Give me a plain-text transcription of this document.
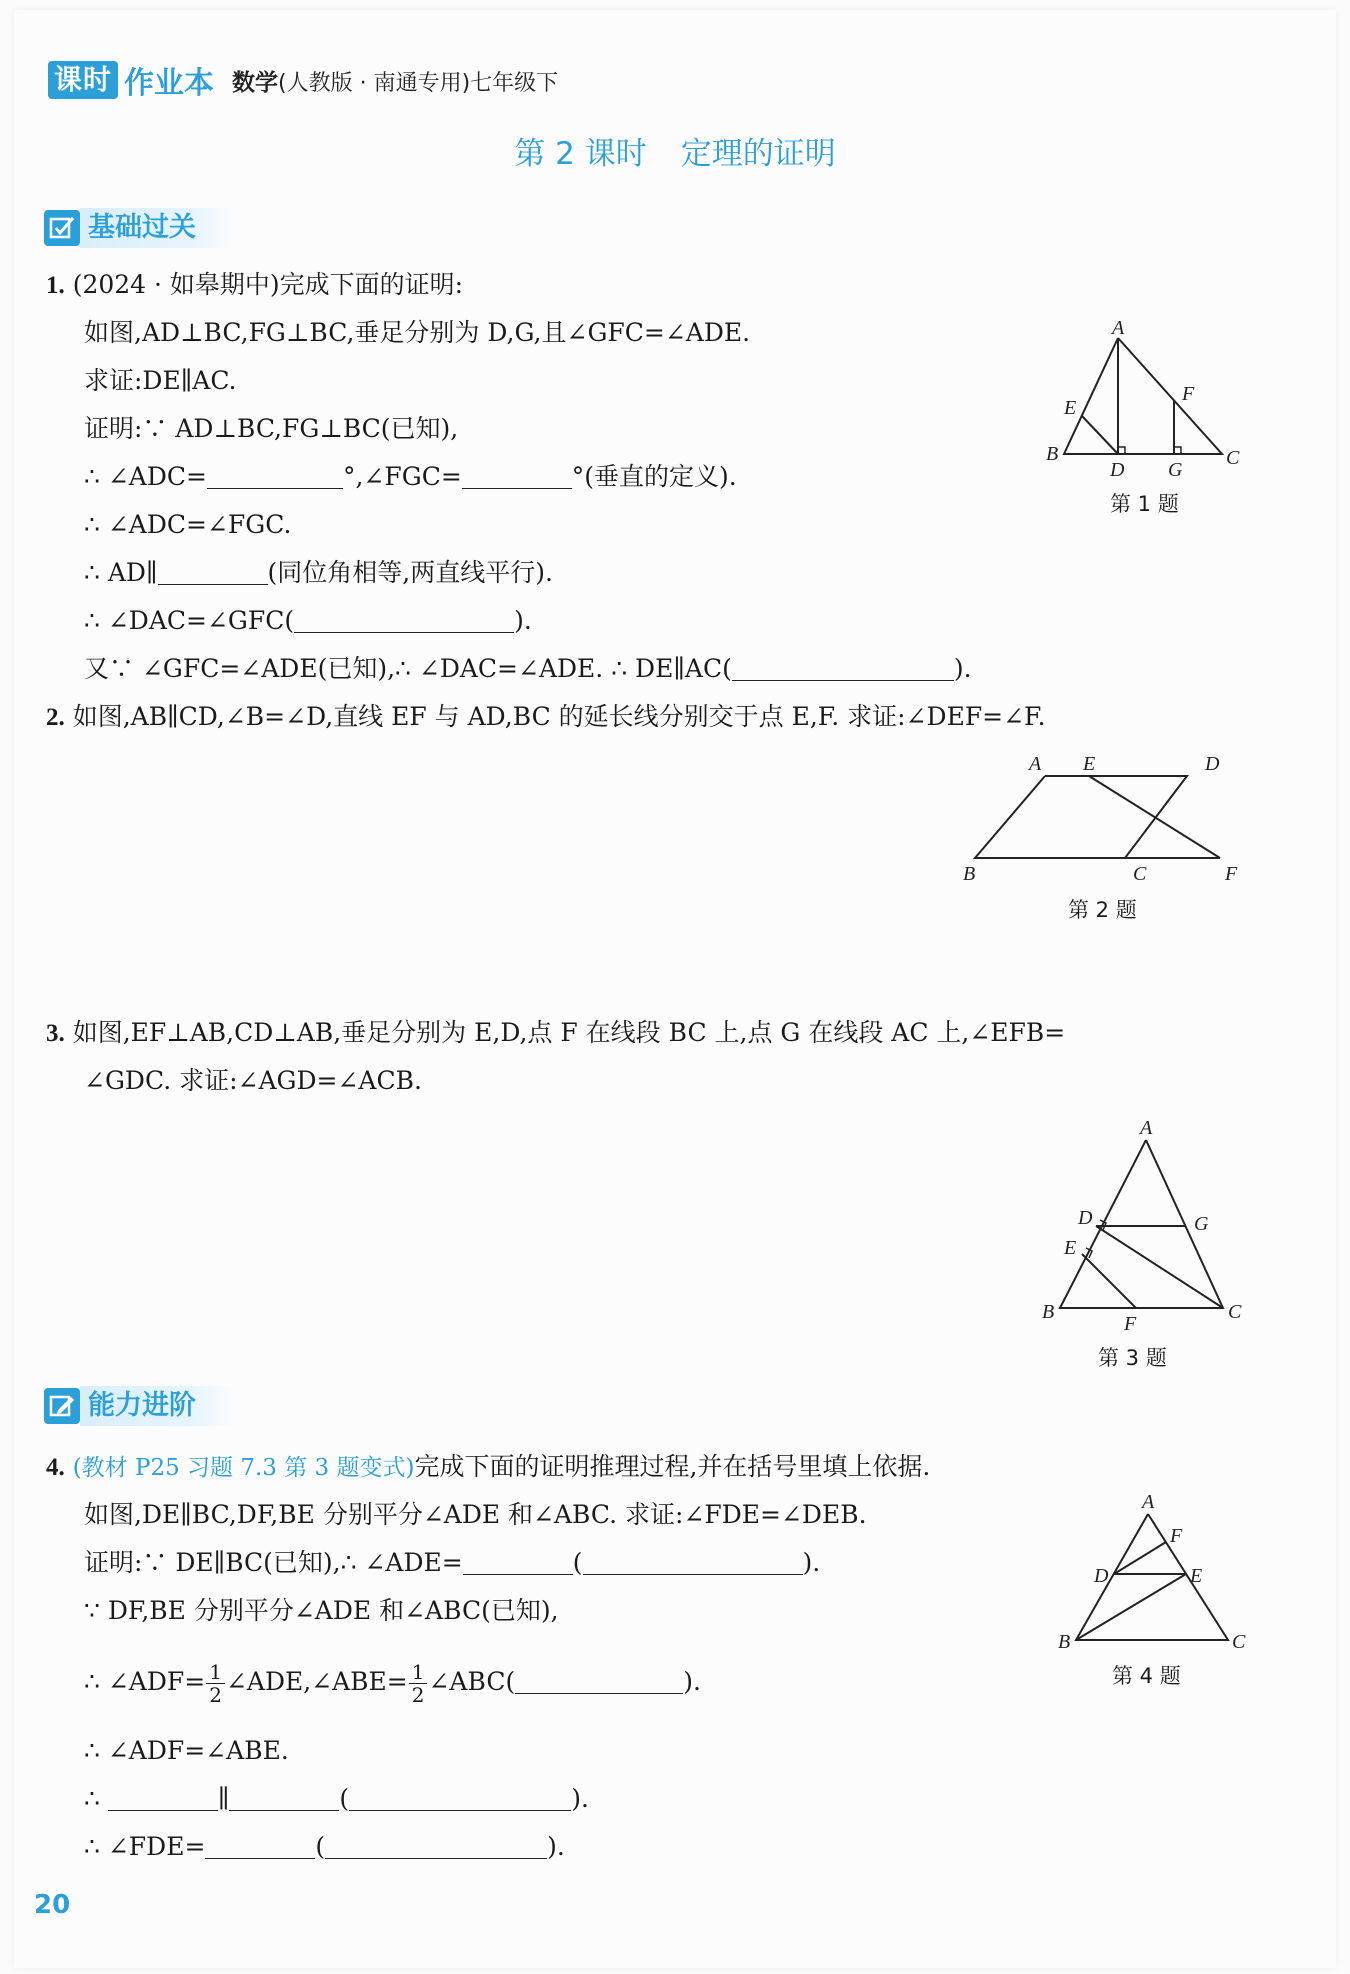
课时 作业本 数学(人教版 · 南通专用)七年级下
第 2 课时 定理的证明
基础过关
1. (2024 · 如皋期中)完成下面的证明:
如图,AD⊥BC,FG⊥BC,垂足分别为 D,G,且∠GFC=∠ADE.
求证:DE∥AC.
证明:∵ AD⊥BC,FG⊥BC(已知),
∴ ∠ADC=	°,∠FGC=	°(垂直的定义).
∴ ∠ADC=∠FGC.
∴ AD∥	(同位角相等,两直线平行).
∴ ∠DAC=∠GFC(	).
又∵ ∠GFC=∠ADE(已知),∴ ∠DAC=∠ADE. ∴ DE∥AC(	).
A
B	C
D
E
F
G
第 1 题
2. 如图,AB∥CD,∠B=∠D,直线 EF 与 AD,BC 的延长线分别交于点 E,F. 求证:∠DEF=∠F.
A E	D
B	C	F
第 2 题
3. 如图,EF⊥AB,CD⊥AB,垂足分别为 E,D,点 F 在线段 BC 上,点 G 在线段 AC 上,∠EFB=
∠GDC. 求证:∠AGD=∠ACB.
A
D	G
E
B
F
C
第 3 题
能力进阶
4. (教材 P25 习题 7.3 第 3 题变式)完成下面的证明推理过程,并在括号里填上依据.
如图,DE∥BC,DF,BE 分别平分∠ADE 和∠ABC. 求证:∠FDE=∠DEB.
证明:∵ DE∥BC(已知),∴ ∠ADE=	(	).
∵ DF,BE 分别平分∠ADE 和∠ABC(已知),
∴ ∠ADF= $\frac{1}{2}$ ∠ADE,∠ABE= $\frac{1}{2}$ ∠ABC(	).
∴ ∠ADF=∠ABE.
∴	∥	(	).
∴ ∠FDE=	(	).
A
F
D	E
B	C
第 4 题
20
